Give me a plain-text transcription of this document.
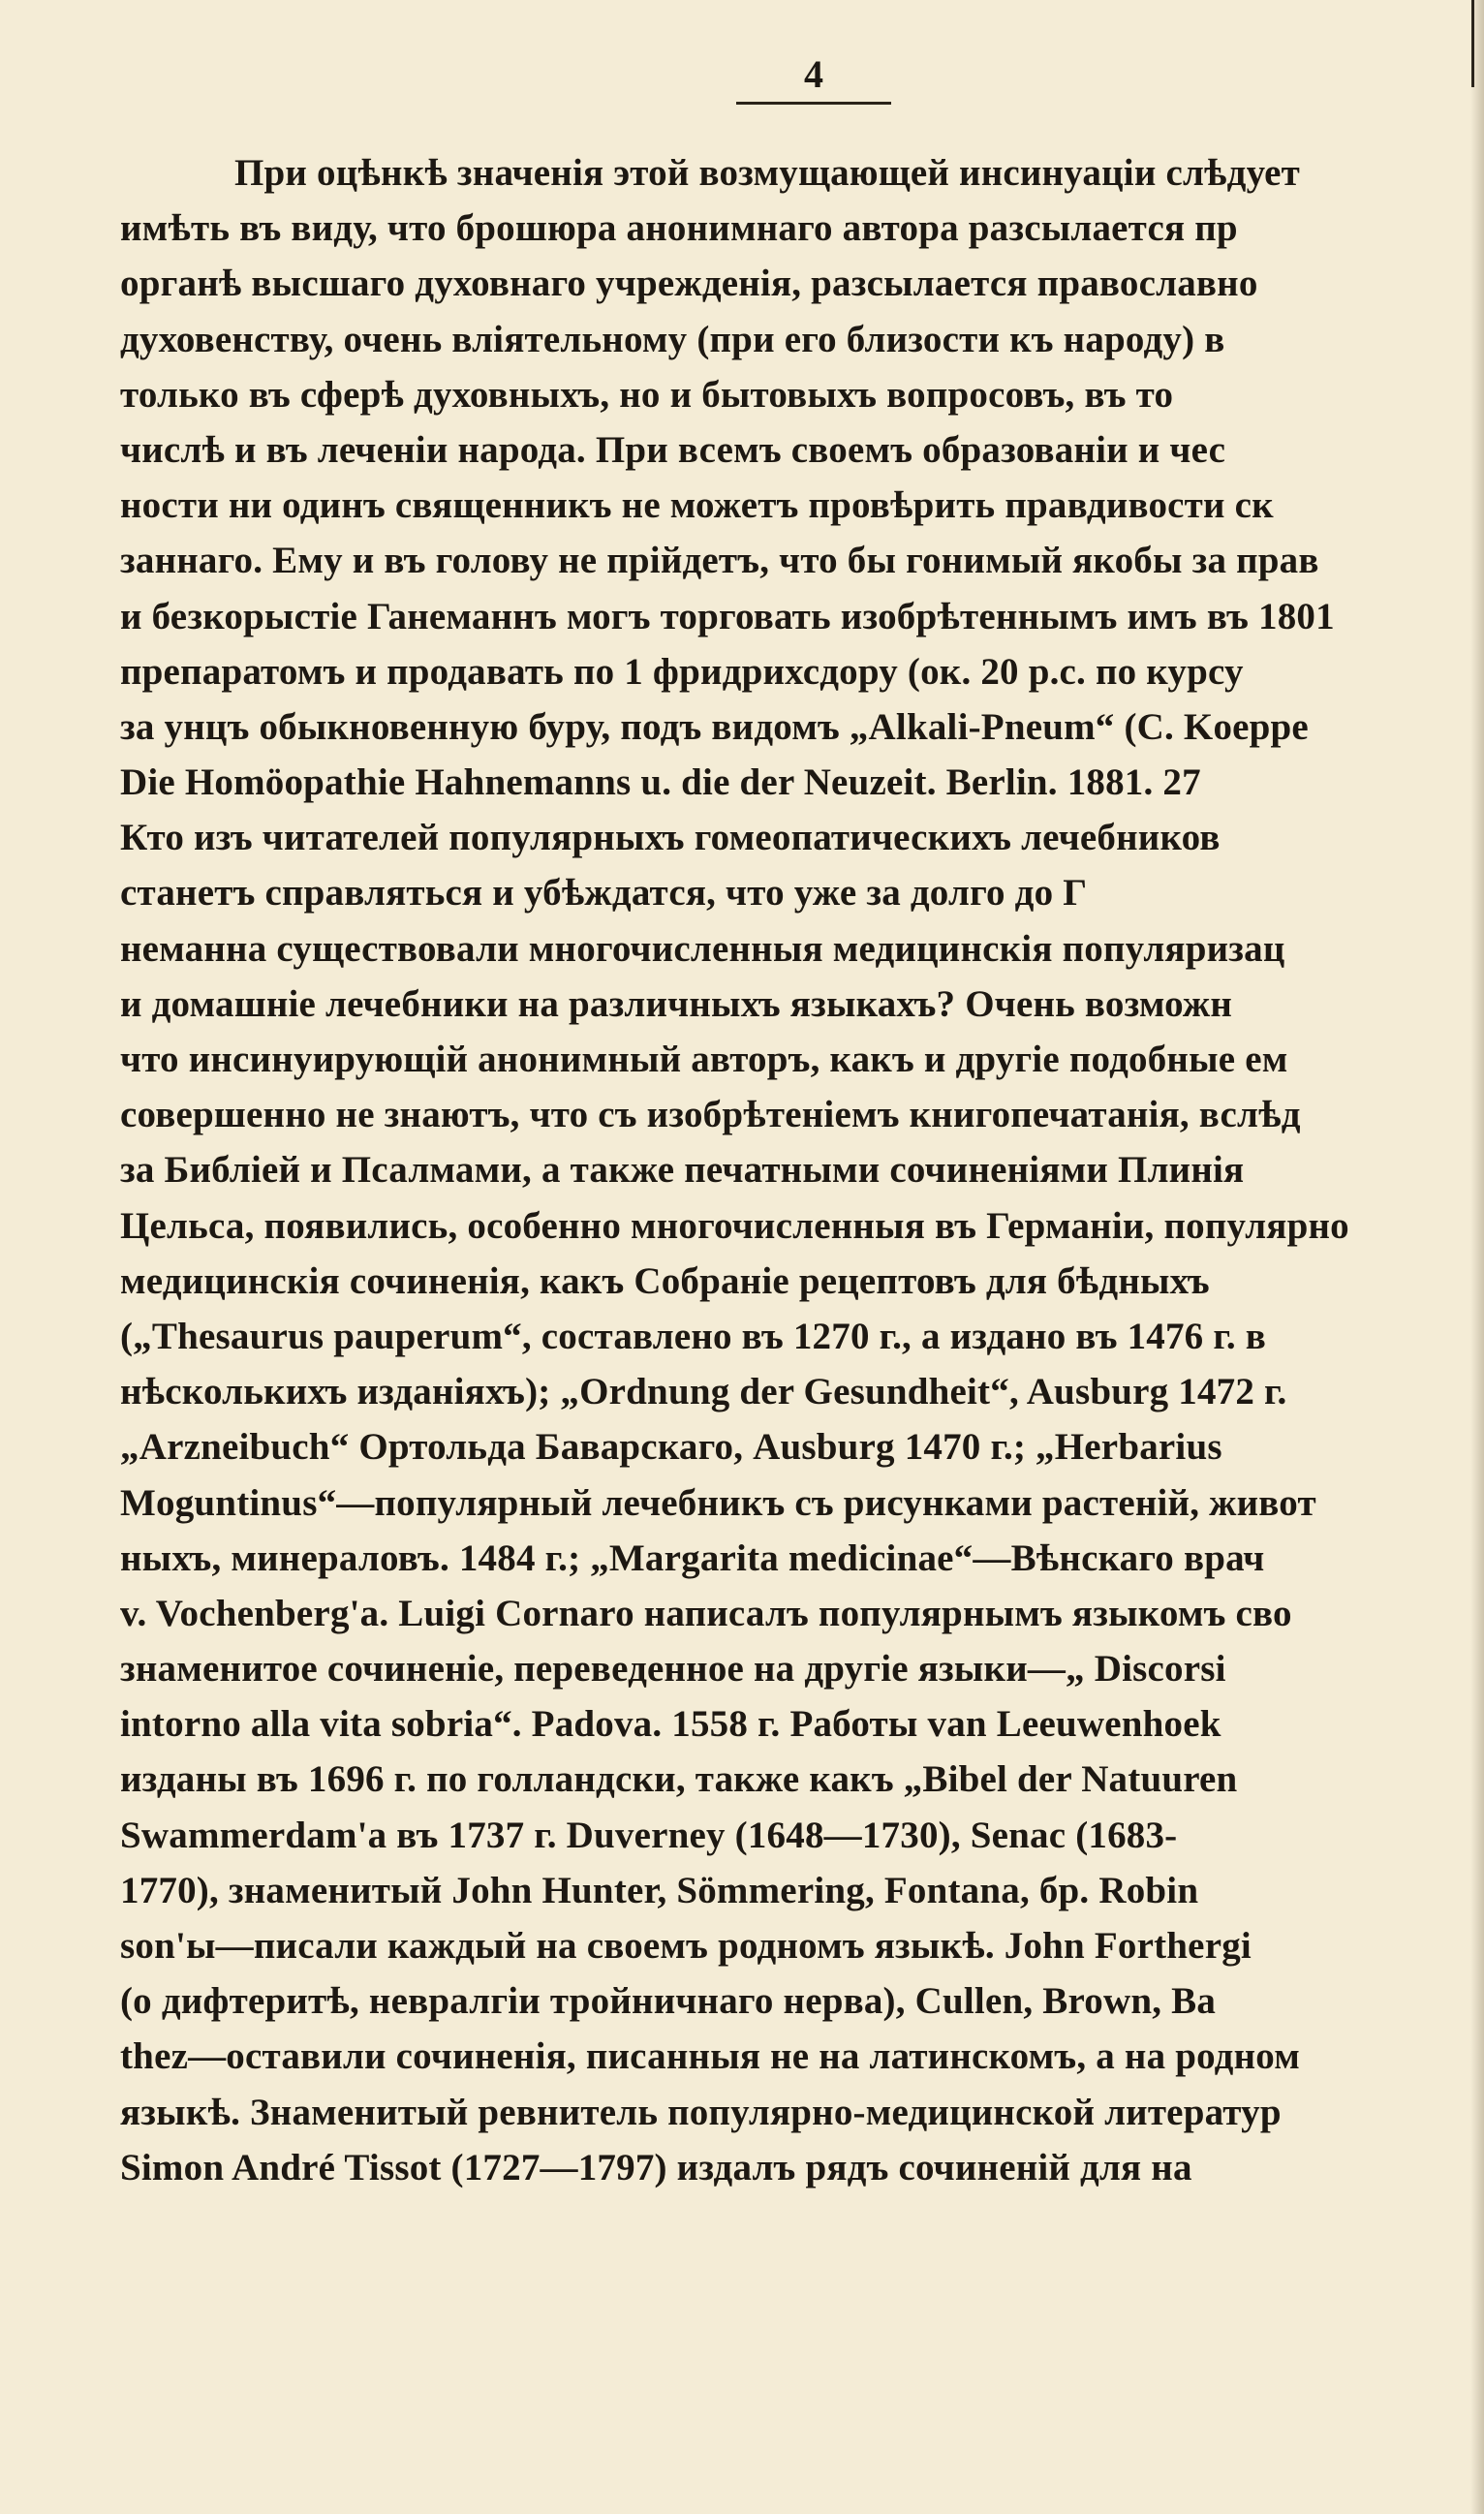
4
При оцѣнкѣ значенія этой возмущающей инсинуаціи слѣдует
имѣть въ виду, что брошюра анонимнаго автора разсылается пр
органѣ высшаго духовнаго учрежденія, разсылается православно
духовенству, очень вліятельному (при его близости къ народу) в
только въ сферѣ духовныхъ, но и бытовыхъ вопросовъ, въ то
числѣ и въ леченіи народа. При всемъ своемъ образованіи и чес
ности ни одинъ священникъ не можетъ провѣрить правдивости ск
заннаго. Ему и въ голову не прійдетъ, что бы гонимый якобы за прав
и безкорыстіе Ганеманнъ могъ торговать изобрѣтеннымъ имъ въ 1801
препаратомъ и продавать по 1 фридрихсдору (ок. 20 р.с. по курсу
за унцъ обыкновенную буру, подъ видомъ „Alkali-Pneum“ (C. Koeppe
Die Homöopathie Hahnemanns u. die der Neuzeit. Berlin. 1881. 27
Кто изъ читателей популярныхъ гомеопатическихъ лечебников
станетъ справляться и убѣждатся, что уже за долго до Г
неманна существовали многочисленныя медицинскія популяризац
и домашніе лечебники на различныхъ языкахъ? Очень возможн
что инсинуирующій анонимный авторъ, какъ и другіе подобные ем
совершенно не знаютъ, что съ изобрѣтеніемъ книгопечатанія, вслѣд
за Библіей и Псалмами, а также печатными сочиненіями Плинія
Цельса, появились, особенно многочисленныя въ Германіи, популярно
медицинскія сочиненія, какъ Собраніе рецептовъ для бѣдныхъ
(„Thesaurus pauperum“, составлено въ 1270 г., а издано въ 1476 г. в
нѣсколькихъ изданіяхъ); „Ordnung der Gesundheit“, Ausburg 1472 г.
„Arzneibuch“ Ортольда Баварскаго, Ausburg 1470 г.; „Herbarius
Moguntinus“—популярный лечебникъ съ рисунками растеній, живот
ныхъ, минераловъ. 1484 г.; „Margarita medicinae“—Вѣнскаго врач
v. Vochenberg'а. Luigi Cornaro написалъ популярнымъ языкомъ сво
знаменитое сочиненіе, переведенное на другіе языки—„ Discorsi
intorno alla vita sobria“. Padova. 1558 г. Работы van Leeuwenhoek
изданы въ 1696 г. по голландски, также какъ „Bibel der Natuuren
Swammerdam'а въ 1737 г. Duverney (1648—1730), Senac (1683-
1770), знаменитый John Hunter, Sömmering, Fontana, бр. Robin
son'ы—писали каждый на своемъ родномъ языкѣ. John Forthergi
(о дифтеритѣ, невралгіи тройничнаго нерва), Cullen, Brown, Ba
thez—оставили сочиненія, писанныя не на латинскомъ, а на родном
языкѣ. Знаменитый ревнитель популярно-медицинской литератур
Simon André Tissot (1727—1797) издалъ рядъ сочиненій для на
